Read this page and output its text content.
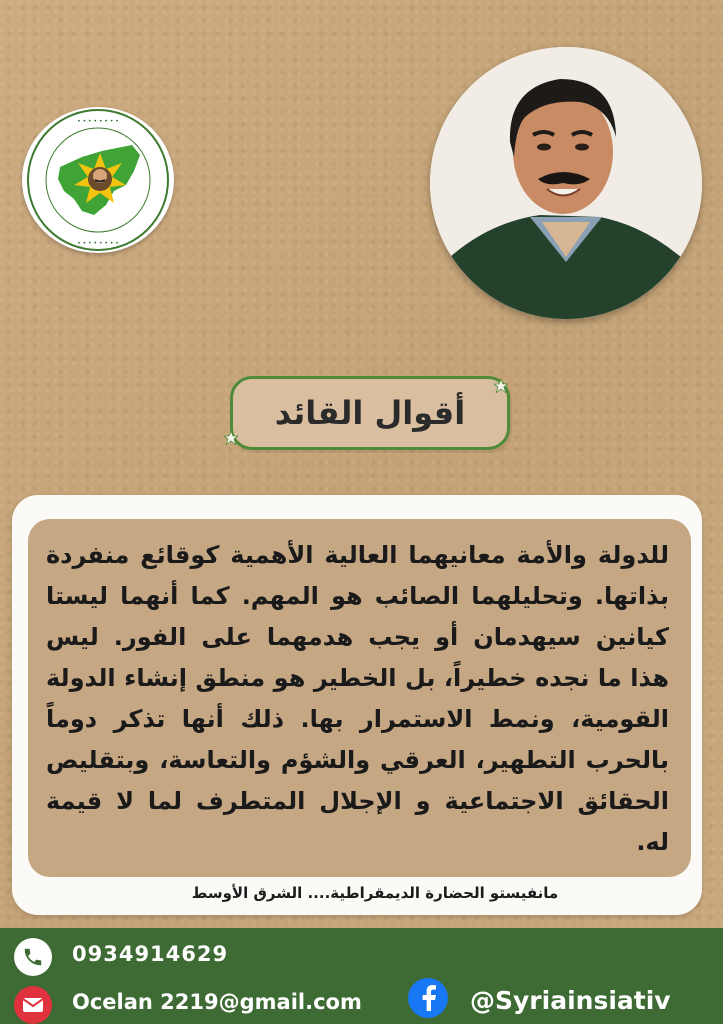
• • • • • • • •
• • • • • • • •
أقوال القائد

للدولة والأمة معانيهما العالية الأهمية كوقائع منفردة بذاتها. وتحليلهما الصائب هو المهم. كما أنهما ليستا كيانين سيهدمان أو يجب هدمهما على الفور. ليس هذا ما نجده خطيراً، بل الخطير هو منطق إنشاء الدولة القومية، ونمط الاستمرار بها. ذلك أنها تذكر دوماً بالحرب التطهير، العرقي والشؤم والتعاسة، وبتقليص الحقائق الاجتماعية و الإجلال المتطرف لما لا قيمة له.

مانفيستو الحضارة الديمقراطية.... الشرق الأوسط
0934914629
Ocelan 2219@gmail.com	@Syriainsiativ
